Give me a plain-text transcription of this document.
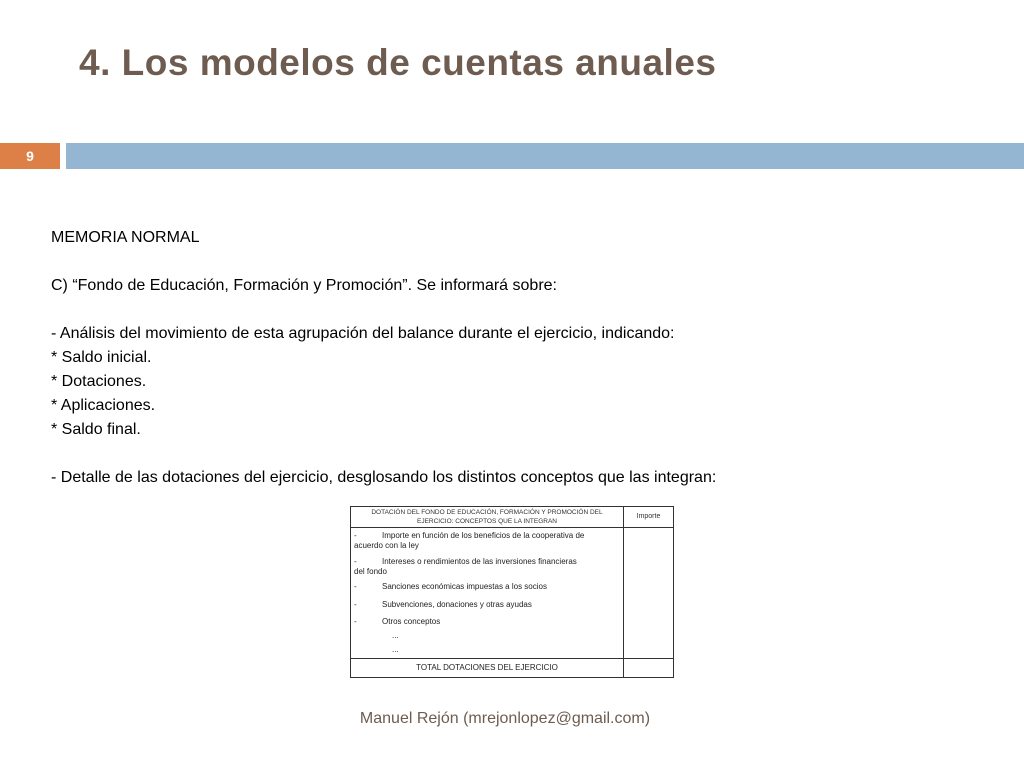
4. Los modelos de cuentas anuales
9
MEMORIA NORMAL
C) “Fondo de Educación, Formación y Promoción”. Se informará sobre:
- Análisis del movimiento de esta agrupación del balance durante el ejercicio, indicando:
* Saldo inicial.
* Dotaciones.
* Aplicaciones.
* Saldo final.
- Detalle de las dotaciones del ejercicio, desglosando los distintos conceptos que las integran:
DOTACIÓN DEL FONDO DE EDUCACIÓN, FORMACIÓN Y PROMOCIÓN DEL
EJERCICIO: CONCEPTOS QUE LA INTEGRAN
Importe
-	Importe en función de los beneficios de la cooperativa de
acuerdo con la ley
-	Intereses o rendimientos de las inversiones financieras
del fondo
-	Sanciones económicas impuestas a los socios
-	Subvenciones, donaciones y otras ayudas
-	Otros conceptos
...
...
TOTAL DOTACIONES DEL EJERCICIO
Manuel Rejón (mrejonlopez@gmail.com)
